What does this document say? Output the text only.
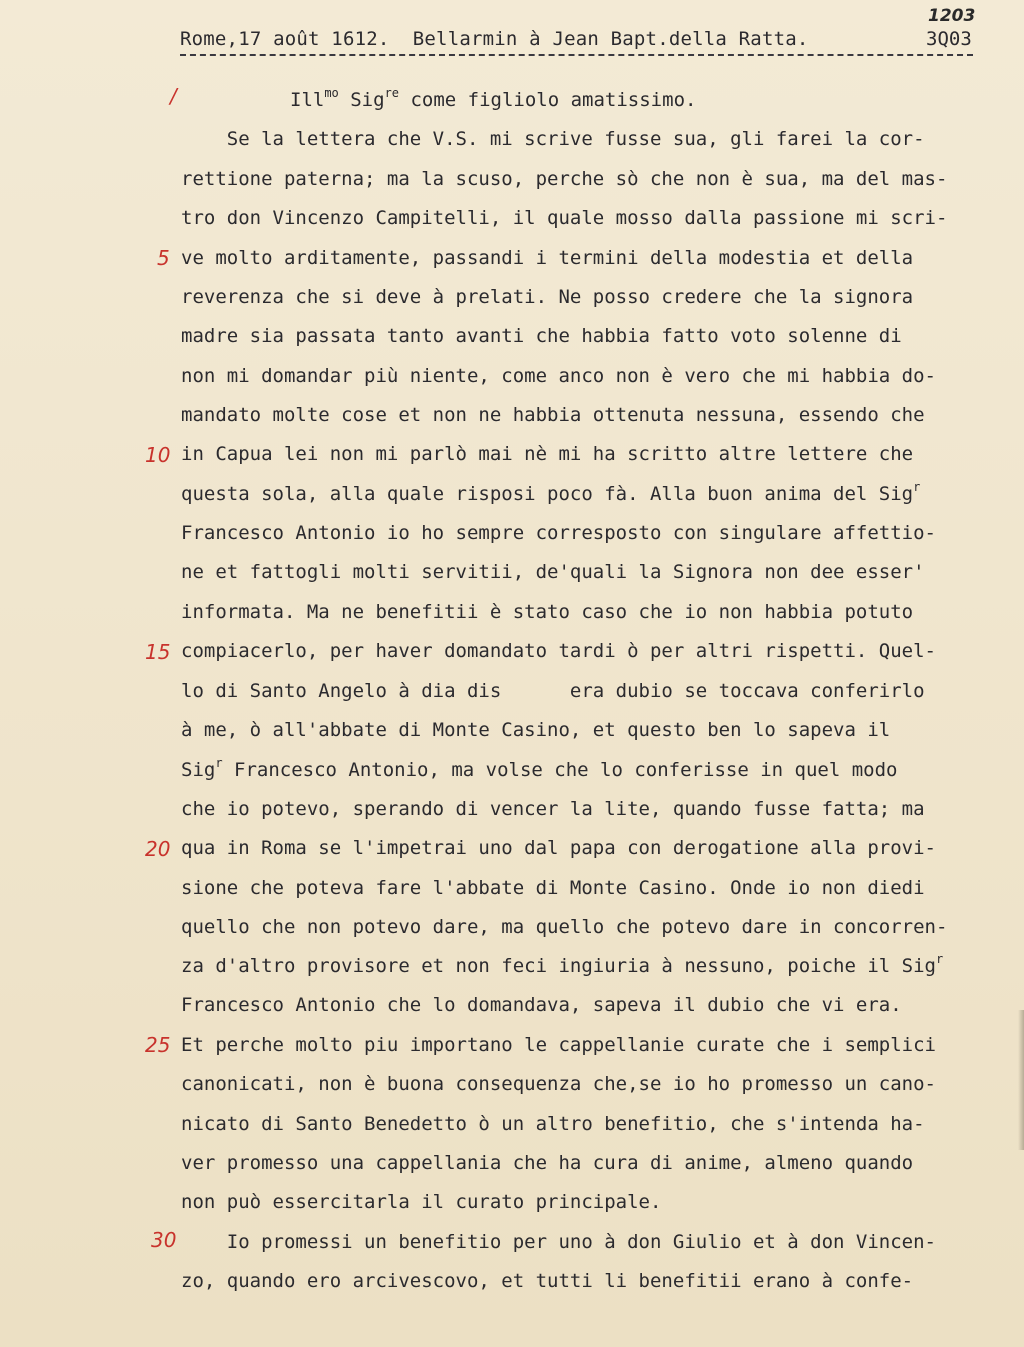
1203
Rome,17 août 1612.  Bellarmin à Jean Bapt.della Ratta.	3Q03
Ill$^{mo}$ Sig$^{re}$ come figliolo amatissimo.
Se la lettera che V.S. mi scrive fusse sua, gli farei la cor-
rettione paterna; ma la scuso, perche sò che non è sua, ma del mas-
tro don Vincenzo Campitelli, il quale mosso dalla passione mi scri-
ve molto arditamente, passandi i termini della modestia et della
reverenza che si deve à prelati. Ne posso credere che la signora
madre sia passata tanto avanti che habbia fatto voto solenne di
non mi domandar più niente, come anco non è vero che mi habbia do-
mandato molte cose et non ne habbia ottenuta nessuna, essendo che
in Capua lei non mi parlò mai nè mi ha scritto altre lettere che
questa sola, alla quale risposi poco fà. Alla buon anima del Sig$^r$
Francesco Antonio io ho sempre corresposto con singulare affettio-
ne et fattogli molti servitii, de'quali la Signora non dee esser'
informata. Ma ne benefitii è stato caso che io non habbia potuto
compiacerlo, per haver domandato tardi ò per altri rispetti. Quel-
lo di Santo Angelo à dia dis      era dubio se toccava conferirlo
à me, ò all'abbate di Monte Casino, et questo ben lo sapeva il
Sig$^r$ Francesco Antonio, ma volse che lo conferisse in quel modo
che io potevo, sperando di vencer la lite, quando fusse fatta; ma
qua in Roma se l'impetrai uno dal papa con derogatione alla provi-
sione che poteva fare l'abbate di Monte Casino. Onde io non diedi
quello che non potevo dare, ma quello che potevo dare in concorren-
za d'altro provisore et non feci ingiuria à nessuno, poiche il Sig$^r$
Francesco Antonio che lo domandava, sapeva il dubio che vi era.
Et perche molto piu importano le cappellanie curate che i semplici
canonicati, non è buona consequenza che,se io ho promesso un cano-
nicato di Santo Benedetto ò un altro benefitio, che s'intenda ha-
ver promesso una cappellania che ha cura di anime, almeno quando
non può essercitarla il curato principale.
Io promessi un benefitio per uno à don Giulio et à don Vincen-
zo, quando ero arcivescovo, et tutti li benefitii erano à confe-
/
5
10
15
20
25
30
